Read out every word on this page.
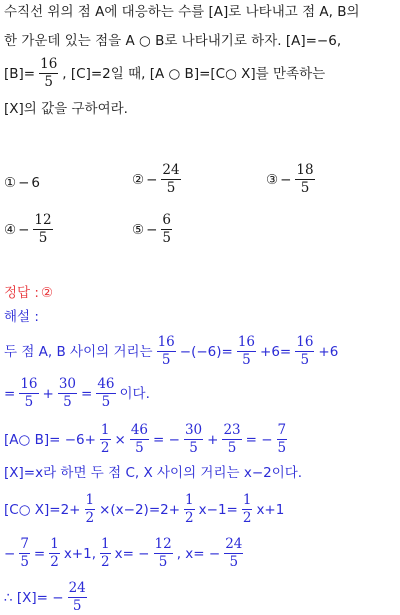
수직선 위의 점 A에 대응하는 수를 [A]로 나타내고 점 A, B의
한 가운데 있는 점을 A ○ B로 나타내기로 하자. [A]=−6,
$[B]= \frac{16}{5}$ , [C]=2일 때, [A ○ B]=[C○ X]를 만족하는
[X]의 값을 구하여라.
① − 6	② − $\frac{24}{5}$	③ − $\frac{18}{5}$
④ − $\frac{12}{5}$	⑤ − $\frac{6}{5}$
정답 : ②
해설 :
두 점 A, B 사이의 거리는 $\frac{16}{5} -(-6)= \frac{16}{5} +6= \frac{16}{5} +6$
= $\frac{16}{5} + \frac{30}{5} = \frac{46}{5}$ 이다.
[A○ $B]= -6+ \frac{1}{2} \times \frac{46}{5}$ = − $\frac{30}{5} + \frac{23}{5}$ = − $\frac{7}{5}$
[X]=x라 하면 두 점 C, X 사이의 거리는 x−2이다.
[C○ $X]=2+ \frac{1}{2} \times(x-2)=2+ \frac{1}{2} x-1= \frac{1}{2} x+1$
− $\frac{7}{5} = \frac{1}{2} x+1$, $\frac{1}{2} x= - \frac{12}{5}$ , $x= - \frac{24}{5}$
∴ $[X]= - \frac{24}{5}$
